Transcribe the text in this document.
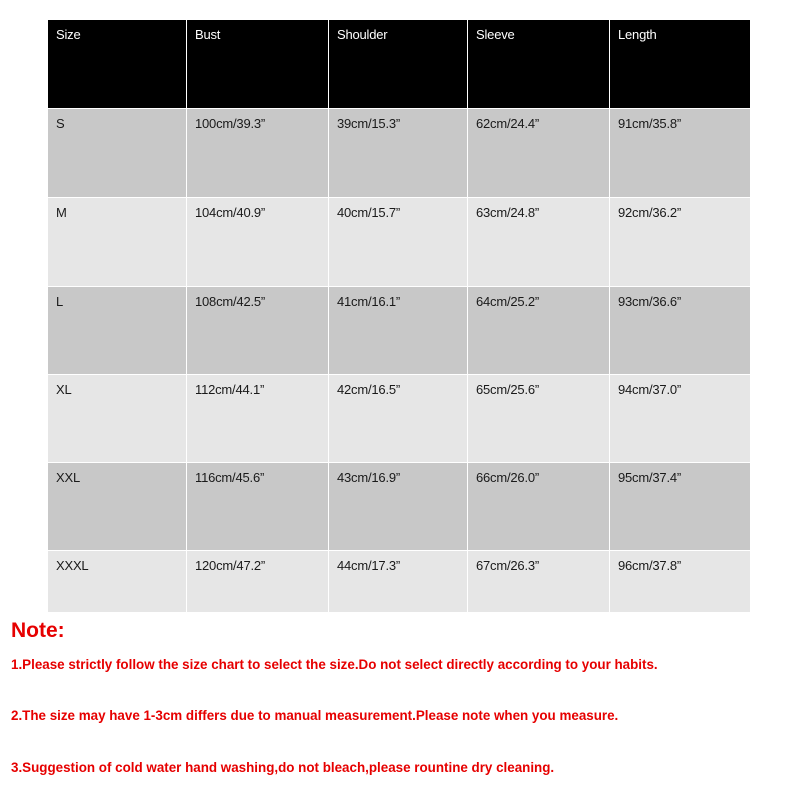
Size	Bust	Shoulder	Sleeve	Length
S	100cm/39.3”	39cm/15.3”	62cm/24.4”	91cm/35.8”
M	104cm/40.9”	40cm/15.7”	63cm/24.8”	92cm/36.2”
L	108cm/42.5”	41cm/16.1”	64cm/25.2”	93cm/36.6”
XL	112cm/44.1”	42cm/16.5”	65cm/25.6”	94cm/37.0”
XXL	116cm/45.6”	43cm/16.9”	66cm/26.0”	95cm/37.4”
XXXL	120cm/47.2”	44cm/17.3”	67cm/26.3”	96cm/37.8”
Note:
1.Please strictly follow the size chart to select the size.Do not select directly according to your habits.
2.The size may have 1-3cm differs due to manual measurement.Please note when you measure.
3.Suggestion of cold water hand washing,do not bleach,please rountine dry cleaning.
